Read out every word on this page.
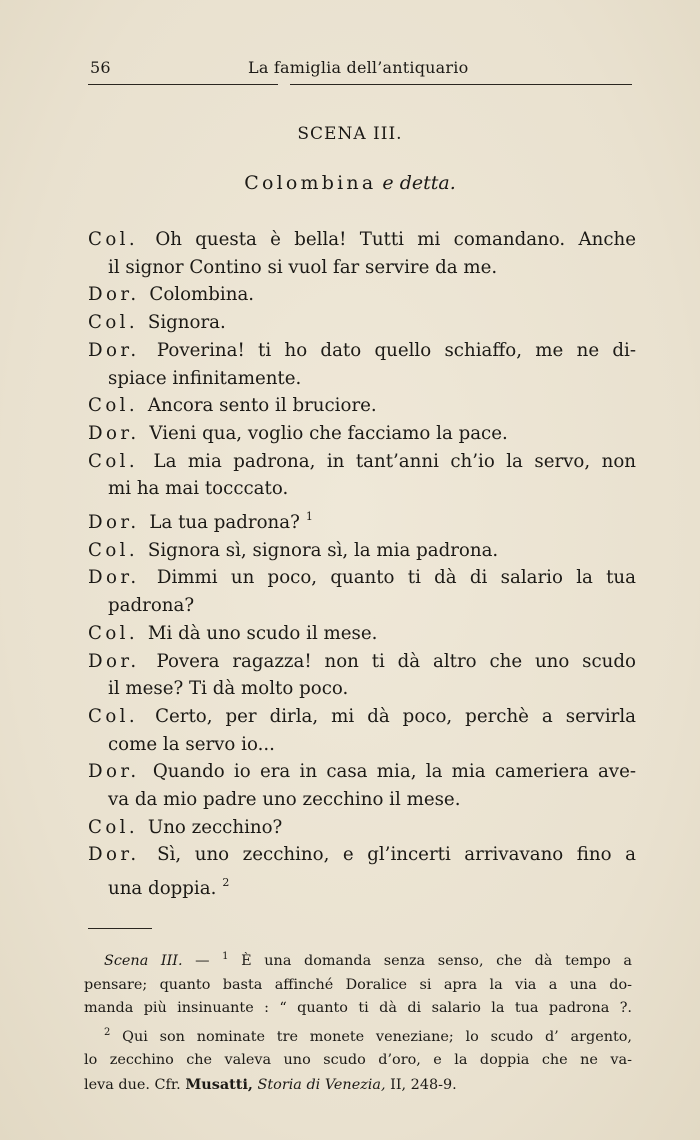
56	La famiglia dell’antiquario
SCENA III.
Colombina e detta.
Col. Oh questa è bella! Tutti mi comandano. Anche
il signor Contino si vuol far servire da me.
Dor. Colombina.
Col. Signora.
Dor. Poverina! ti ho dato quello schiaffo, me ne di-
spiace infinitamente.
Col. Ancora sento il bruciore.
Dor. Vieni qua, voglio che facciamo la pace.
Col. La mia padrona, in tant’anni ch’io la servo, non
mi ha mai tocccato.
Dor. La tua padrona? $^1$
Col. Signora sì, signora sì, la mia padrona.
Dor. Dimmi un poco, quanto ti dà di salario la tua
padrona?
Col. Mi dà uno scudo il mese.
Dor. Povera ragazza! non ti dà altro che uno scudo
il mese? Ti dà molto poco.
Col. Certo, per dirla, mi dà poco, perchè a servirla
come la servo io...
Dor. Quando io era in casa mia, la mia cameriera ave-
va da mio padre uno zecchino il mese.
Col. Uno zecchino?
Dor. Sì, uno zecchino, e gl’incerti arrivavano fino a
una doppia. $^2$
Scena III. — $^1$ È una domanda senza senso, che dà tempo a
pensare; quanto basta affinché Doralice si apra la via a una do-
manda più insinuante : “ quanto ti dà di salario la tua padrona ?.
$^2$ Qui son nominate tre monete veneziane; lo scudo d’ argento,
lo zecchino che valeva uno scudo d’oro, e la doppia che ne va-
leva due. Cfr. Musatti, Storia di Venezia, II, 248-9.
